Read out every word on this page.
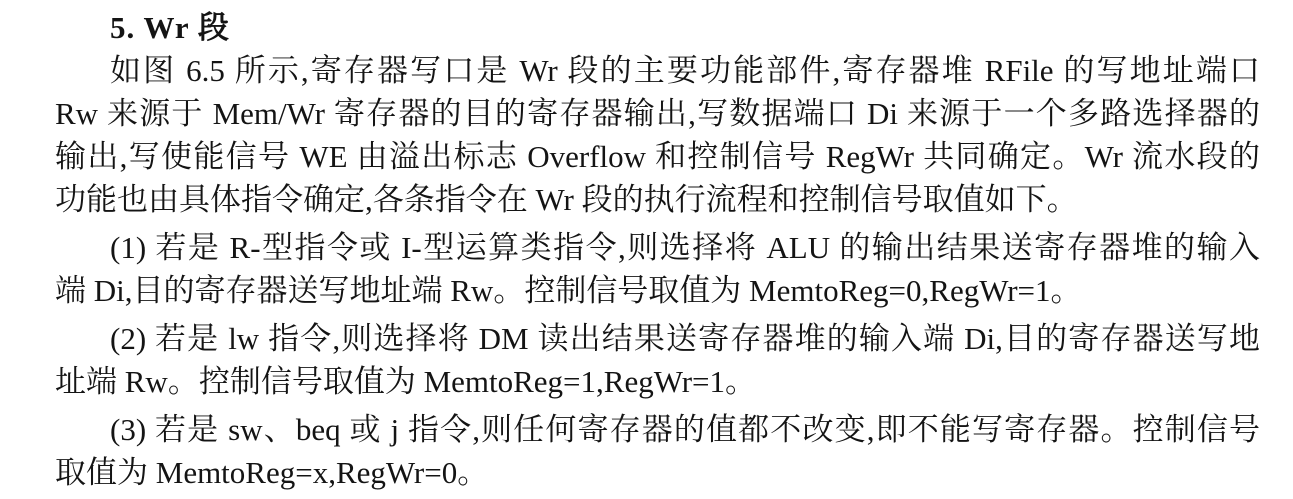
5. Wr 段
如图 6.5 所示,寄存器写口是 Wr 段的主要功能部件,寄存器堆 RFile 的写地址端口
Rw 来源于 Mem/Wr 寄存器的目的寄存器输出,写数据端口 Di 来源于一个多路选择器的
输出,写使能信号 WE 由溢出标志 Overflow 和控制信号 RegWr 共同确定。Wr 流水段的
功能也由具体指令确定,各条指令在 Wr 段的执行流程和控制信号取值如下。
(1) 若是 R-型指令或 I-型运算类指令,则选择将 ALU 的输出结果送寄存器堆的输入
端 Di,目的寄存器送写地址端 Rw。控制信号取值为 MemtoReg=0,RegWr=1。
(2) 若是 lw 指令,则选择将 DM 读出结果送寄存器堆的输入端 Di,目的寄存器送写地
址端 Rw。控制信号取值为 MemtoReg=1,RegWr=1。
(3) 若是 sw、beq 或 j 指令,则任何寄存器的值都不改变,即不能写寄存器。控制信号
取值为 MemtoReg=x,RegWr=0。
